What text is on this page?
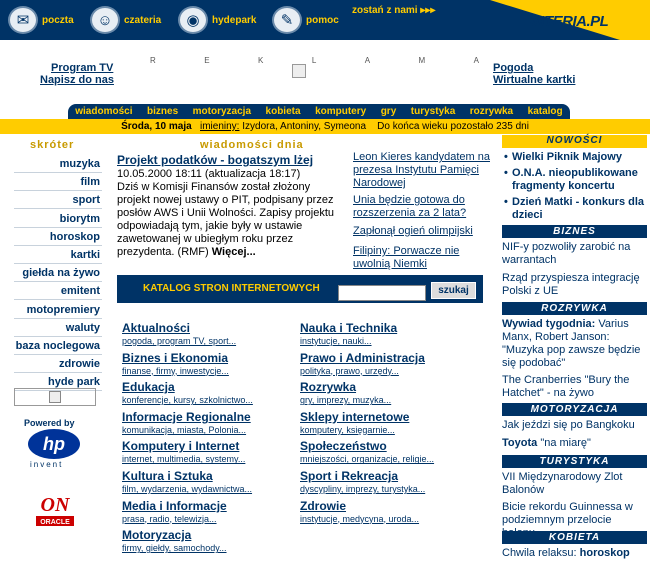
✉	poczta	☺	czateria	◉	hydepark	✎	pomoc
zostań z nami ▸▸▸
INTERIA.PL
Program TV
Napisz do nas
Pogoda
Wirtualne kartki
R	E	K	L	A	M	A
wiadomości biznes motoryzacja kobieta komputery gry turystyka rozrywka katalog
Środa, 10 maja imieniny: Izydora, Antoniny, Symeona Do końca wieku pozostało 235 dni
skróter
muzyka
film
sport
biorytm
horoskop
kartki
giełda na żywo
emitent
motopremiery
waluty
baza noclegowa
zdrowie
hyde park
Powered by
hp
invent
ON
ORACLE
wiadomości dnia
Projekt podatków - bogatszym lżej
10.05.2000 18:11 (aktualizacja 18:17)
Dziś w Komisji Finansów został złożony projekt nowej ustawy o PIT, podpisany przez posłów AWS i Unii Wolności. Zapisy projektu odpowiadają tym, jakie były w ustawie zawetowanej w ubiegłym roku przez prezydenta. (RMF) Więcej...
Leon Kieres kandydatem na prezesa Instytutu Pamięci Narodowej
Unia będzie gotowa do rozszerzenia za 2 lata?
Zapłonął ogień olimpijski
Filipiny: Porwacze nie uwolnią Niemki
KATALOG STRON INTERNETOWYCH	szukaj
Aktualności
pogoda, program TV, sport...
Biznes i Ekonomia
finanse, firmy, inwestycje...
Edukacja
konferencje, kursy, szkolnictwo...
Informacje Regionalne
komunikacja, miasta, Polonia...
Komputery i Internet
internet, multimedia, systemy...
Kultura i Sztuka
film, wydarzenia, wydawnictwa...
Media i Informacje
prasa, radio, telewizja...
Motoryzacja
firmy, giełdy, samochody...
Nauka i Technika
instytucje, nauki...
Prawo i Administracja
polityka, prawo, urzędy...
Rozrywka
gry, imprezy, muzyka...
Sklepy internetowe
komputery, księgarnie...
Społeczeństwo
mniejszości, organizacje, religie...
Sport i Rekreacja
dyscypliny, imprezy, turystyka...
Zdrowie
instytucje, medycyna, uroda...
NOWOŚCI
• Wielki Piknik Majowy
• O.N.A. nieopublikowane fragmenty koncertu
• Dzień Matki - konkurs dla dzieci
BIZNES
NIF-y pozwoliły zarobić na warrantach
Rząd przyspiesza integrację Polski z UE
ROZRYWKA
Wywiad tygodnia: Varius Manx, Robert Janson: "Muzyka pop zawsze będzie się podobać"
The Cranberries "Bury the Hatchet" - na żywo
MOTORYZACJA
Jak jeździ się po Bangkoku
Toyota "na miarę"
TURYSTYKA
VII Międzynarodowy Zlot Balonów
Bicie rekordu Guinnessa w podziemnym przelocie
KOBIETA
Chwila relaksu: horoskop
